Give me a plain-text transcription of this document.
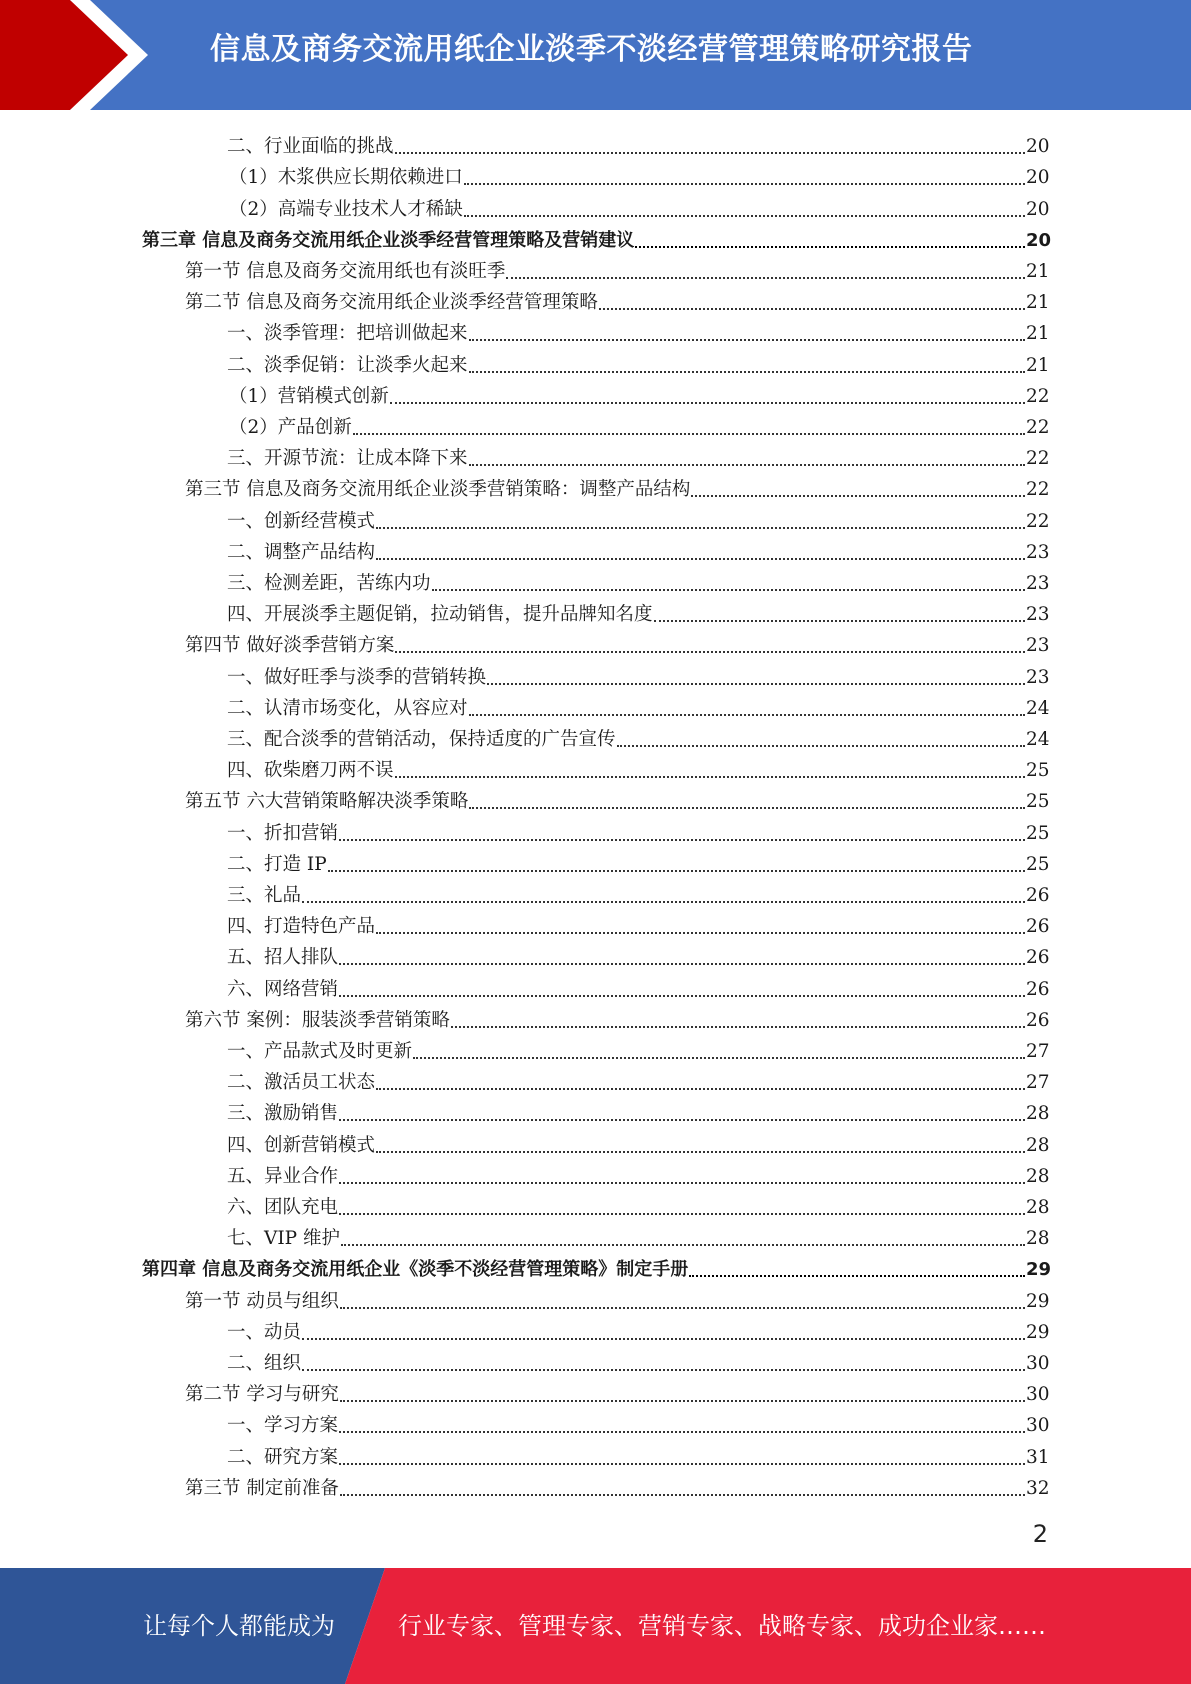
信息及商务交流用纸企业淡季不淡经营管理策略研究报告
二、行业面临的挑战	20
（1）木浆供应长期依赖进口	20
（2）高端专业技术人才稀缺	20
第三章 信息及商务交流用纸企业淡季经营管理策略及营销建议	20
第一节 信息及商务交流用纸也有淡旺季	21
第二节 信息及商务交流用纸企业淡季经营管理策略	21
一、淡季管理：把培训做起来	21
二、淡季促销：让淡季火起来	21
（1）营销模式创新	22
（2）产品创新	22
三、开源节流：让成本降下来	22
第三节 信息及商务交流用纸企业淡季营销策略：调整产品结构	22
一、创新经营模式	22
二、调整产品结构	23
三、检测差距，苦练内功	23
四、开展淡季主题促销，拉动销售，提升品牌知名度	23
第四节 做好淡季营销方案	23
一、做好旺季与淡季的营销转换	23
二、认清市场变化，从容应对	24
三、配合淡季的营销活动，保持适度的广告宣传	24
四、砍柴磨刀两不误	25
第五节 六大营销策略解决淡季策略	25
一、折扣营销	25
二、打造 IP	25
三、礼品	26
四、打造特色产品	26
五、招人排队	26
六、网络营销	26
第六节 案例：服装淡季营销策略	26
一、产品款式及时更新	27
二、激活员工状态	27
三、激励销售	28
四、创新营销模式	28
五、异业合作	28
六、团队充电	28
七、VIP 维护	28
第四章 信息及商务交流用纸企业《淡季不淡经营管理策略》制定手册	29
第一节 动员与组织	29
一、动员	29
二、组织	30
第二节 学习与研究	30
一、学习方案	30
二、研究方案	31
第三节 制定前准备	32
2
让每个人都能成为	行业专家、管理专家、营销专家、战略专家、成功企业家……
